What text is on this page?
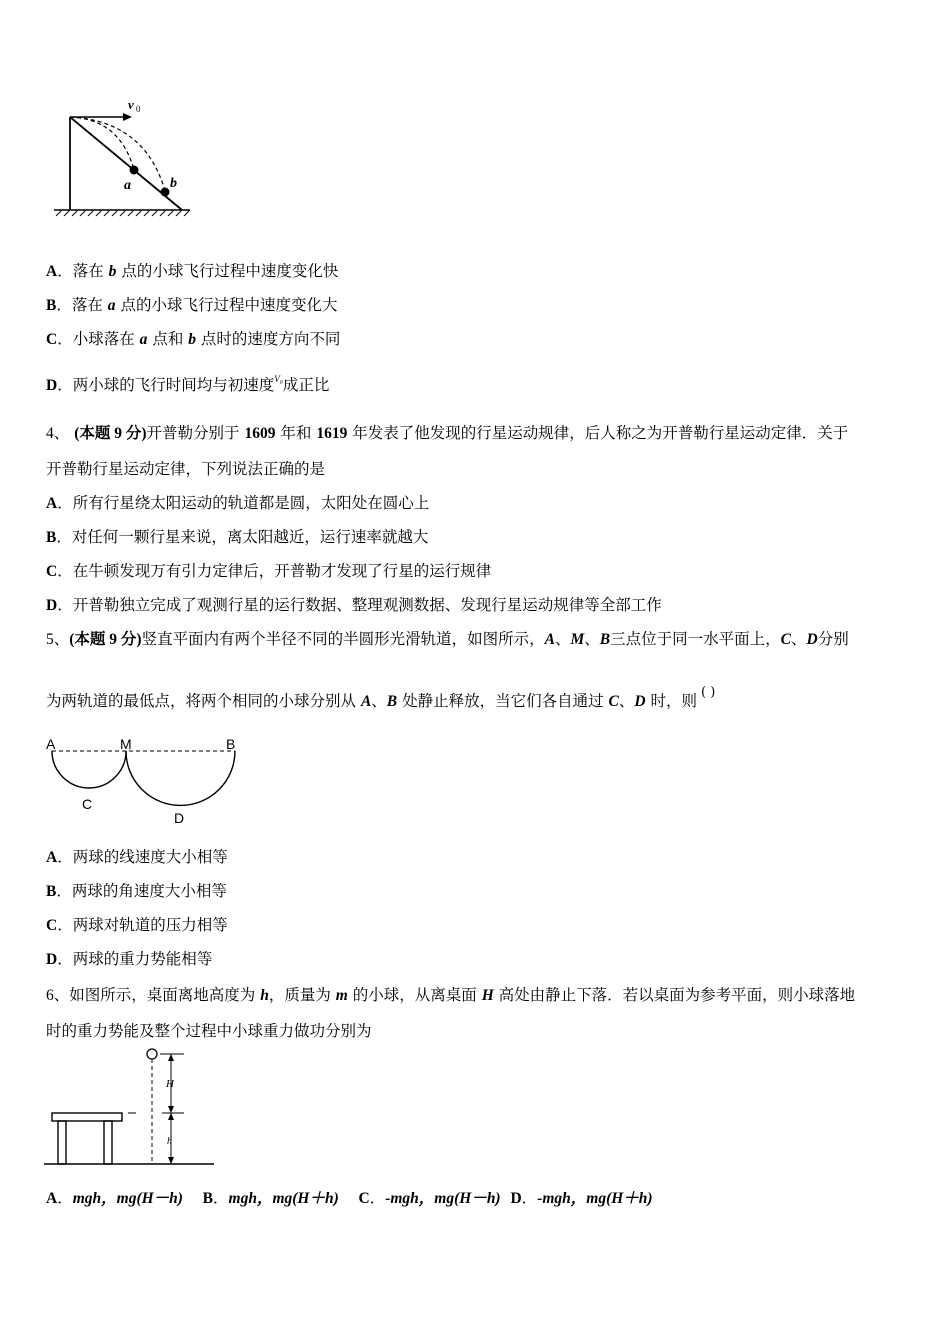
v 0
a	b
A．落在 b 点的小球飞行过程中速度变化快
B．落在 a 点的小球飞行过程中速度变化大
C．小球落在 a 点和 b 点时的速度方向不同
D．两小球的飞行时间均与初速度$^{V_0}$成正比
4、 (本题 9 分)开普勒分别于 1609 年和 1619 年发表了他发现的行星运动规律，后人称之为开普勒行星运动定律．关于
开普勒行星运动定律，下列说法正确的是
A．所有行星绕太阳运动的轨道都是圆，太阳处在圆心上
B．对任何一颗行星来说，离太阳越近，运行速率就越大
C．在牛顿发现万有引力定律后，开普勒才发现了行星的运行规律
D．开普勒独立完成了观测行星的运行数据、整理观测数据、发现行星运动规律等全部工作
5、(本题 9 分)竖直平面内有两个半径不同的半圆形光滑轨道，如图所示，A、M、B三点位于同一水平面上，C、D分别
为两轨道的最低点，将两个相同的小球分别从 A、B 处静止释放，当它们各自通过 C、D 时，则 ( )
A	M	B
C
D
A．两球的线速度大小相等
B．两球的角速度大小相等
C．两球对轨道的压力相等
D．两球的重力势能相等
6、如图所示，桌面离地高度为 h，质量为 m 的小球，从离桌面 H 高处由静止下落．若以桌面为参考平面，则小球落地
时的重力势能及整个过程中小球重力做功分别为
H
h
A．mgh，mg(H－h) B．mgh，mg(H＋h) C．-mgh，mg(H－h) D．-mgh，mg(H＋h)
